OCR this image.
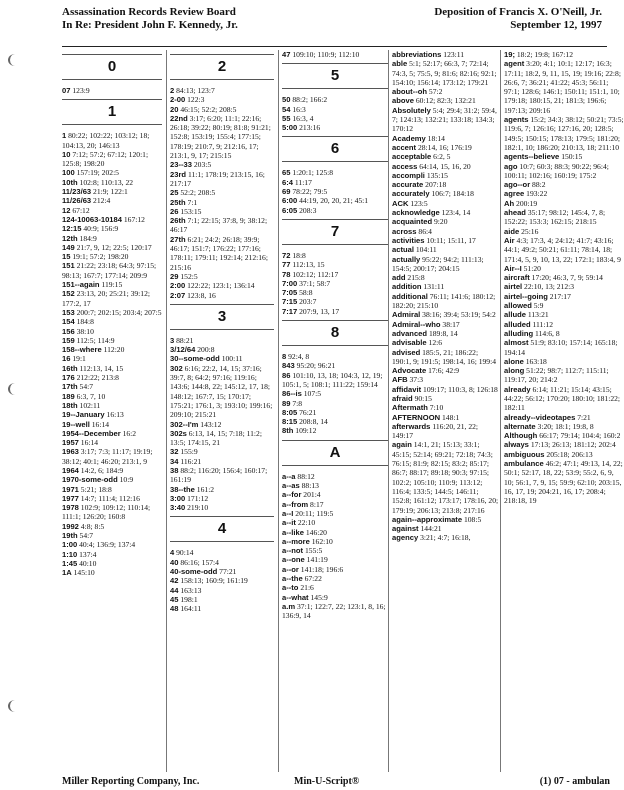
Assassination Records Review Board
In Re: President John F. Kennedy, Jr.
Deposition of Francis X. O'Neill, Jr.
September 12, 1997
0
07 123:9
1
1 80:22; 102:22; 103:12; 18; 104:13, 20; 146:13
10 7:12; 57:2; 67:12; 120:1; 125:8; 198:20
100 157:19; 202:5
10th 102:8; 110:13, 22
11/23/63 21:9; 122:1
11/26/63 212:4
12 67:12
124-10063-10184 167:12
12:15 40:9; 156:9
12th 184:9
149 21:7, 9, 12; 22:5; 120:17
15 19:1; 57:2; 198:20
151 21:22; 23:18; 64:3; 97:15; 98:13; 167:7; 177:14; 209:9
151--again 119:15
152 23:13, 20; 25:21; 39:12; 177:2, 17
153 200:7; 202:15; 203:4; 207:5
154 184:8
156 38:10
159 112:5; 114:9
158--where 112:20
16 19:1
16th 112:13, 14, 15
176 212:22; 213:8
17th 54:7
189 6:3, 7, 10
18th 102:11
19--January 16:13
19--well 16:14
1954--December 16:2
1957 16:14
1963 3:17; 7:3; 11:17; 19:19; 38:12; 40:1; 46:20; 213:1, 9
1964 14:2, 6; 184:9
1970-some-odd 10:9
1971 5:21; 18:8
1977 14:7; 111:4; 112:16
1978 102:9; 109:12; 110:14; 111:1; 126:20; 160:8
1992 4:8; 8:5
19th 54:7
1:00 40:4; 136:9; 137:4
1:10 137:4
1:45 40:10
1A 145:10
2
2 84:13; 123:7
2-00 122:3
20 46:15; 52:2; 208:5
22nd 3:17; 6:20; 11:1; 22:16; 26:18; 39:22; 80:19; 81:8; 91:21; 152:8; 153:19; 155:4; 177:15; 178:19; 210:7, 9; 212:16, 17; 213:1, 9, 17; 215:15
23--33 203:5
23rd 11:1; 178:19; 213:15, 16; 217:17
25 52:2; 208:5
25th 7:1
26 153:15
26th 7:1; 22:15; 37:8, 9; 38:12; 46:17
27th 6:21; 24:2; 26:18; 39:9; 46:17; 151:7; 176:22; 177:16; 178:11; 179:11; 192:14; 212:16; 215:16
29 152:5
2:00 122:22; 123:1; 136:14
2:07 123:8, 16
3
3 88:21
3/12/64 200:8
30--some-odd 100:11
302 6:16; 22:2, 14, 15; 37:16; 39:7, 8; 64:2; 97:16; 119:16; 143:6; 144:8, 22; 145:12, 17, 18; 148:12; 167:7, 15; 170:17; 175:21; 176:1, 3; 193:10; 199:16; 209:10; 215:21
302--I'm 143:12
302s 6:13, 14, 15; 7:18; 11:2; 13:5; 174:15, 21
32 155:9
34 116:21
38 88:2; 116:20; 156:4; 160:17; 161:19
38--the 161:2
3:00 171:12
3:40 219:10
4
4 90:14
40 86:16; 157:4
40-some-odd 77:21
42 158:13; 160:9; 161:19
44 163:13
45 198:1
48 164:11
47 109:10; 110:9; 112:10
5
50 88:2; 166:2
54 16:3
55 16:3, 4
5:00 213:16
6
65 1:20:1; 125:8
6:4 11:17
69 78:22; 79:5
6:00 44:19, 20, 20, 21; 45:1
6:05 208:3
7
72 18:8
77 112:13, 15
78 102:12; 112:17
7:00 37:1; 58:7
7:05 58:8
7:15 203:7
7:17 207:9, 13, 17
8
8 92:4, 8
843 95:20; 96:21
86 101:10, 13, 18; 104:3, 12, 19; 105:1, 5; 108:1; 111:22; 159:14
86--is 107:5
89 7:8
8:05 76:21
8:15 208:8, 14
8th 109:12
A
a--a 88:12
a--as 88:13
a--for 201:4
a--from 8:17
a--I 20:11; 119:5
a--it 22:10
a--like 146:20
a--more 162:10
a--not 155:5
a--one 141:19
a--or 141:18; 196:6
a--the 67:22
a--to 21:6
a--what 145:9
a.m 37:1; 122:7, 22; 123:1, 8, 16; 136:9, 14
abbreviations 123:11
able 5:1; 52:17; 66:3, 7; 72:14; 74:3, 5; 75:5, 9; 81:6; 82:16; 92:1; 154:10; 156:14; 173:12; 179:21
about--oh 57:2
above 60:12; 82:3; 132:21
Absolutely 5:4; 29:4; 31:2; 59:4, 7; 124:13; 132:21; 133:18; 134:3; 170:12
Academy 18:14
accent 28:14, 16; 176:19
acceptable 6:2, 5
access 64:14, 15, 16, 20
accompli 135:15
accurate 207:18
accurately 106:7; 184:18
ACK 123:5
acknowledge 123:4, 14
acquainted 9:20
across 86:4
activities 10:11; 15:11, 17
actual 104:11
actually 95:22; 94:2; 111:13; 154:5; 200:17; 204:15
add 215:8
addition 131:11
additional 76:11; 141:6; 180:12; 182:20; 215:10
Admiral 38:16; 39:4; 53:19; 54:2
Admiral--who 38:17
advanced 189:8, 14
advisable 12:6
advised 185:5, 21; 186:22; 190:1, 9; 191:5; 198:14, 16; 199:4
Advocate 17:6; 42:9
AFB 37:3
affidavit 109:17; 110:3, 8; 126:18
afraid 90:15
Aftermath 7:10
AFTERNOON 148:1
afterwards 116:20, 21, 22; 149:17
again 14:1, 21; 15:13; 33:1; 45:15; 52:14; 69:21; 72:18; 74:3; 76:15; 81:9; 82:15; 83:2; 85:17; 86:7; 88:17; 89:18; 90:3; 97:15; 102:2; 105:10; 110:9; 113:12; 116:4; 133:5; 144:5; 146:11; 152:8; 161:12; 173:17; 178:16, 20; 179:19; 206:13; 213:8; 217:16
again--approximate 108:5
against 144:21
agency 3:21; 4:7; 16:18,
19; 18:2; 19:8; 167:12
agent 3:20; 4:1; 10:1; 12:17; 16:3; 17:11; 18:2, 9, 11, 15, 19; 19:16; 22:8; 26:6, 7; 36:21; 41:22; 45:3; 56:11; 97:1; 128:6; 146:1; 150:11; 151:1, 10; 179:18; 180:15, 21; 181:3; 196:6; 197:13; 209:16
agents 15:2; 34:3; 38:12; 50:21; 73:5; 119:6, 7; 126:16; 127:16, 20; 128:5; 149:5; 150:15; 178:13; 179:5; 181:20; 182:1, 10; 186:20; 210:13, 18; 211:10
agents--believe 150:15
ago 10:7; 60:3; 88:3; 90:22; 96:4; 100:11; 102:16; 160:19; 175:2
ago--or 88:2
agree 193:22
Ah 200:19
ahead 35:17; 98:12; 145:4, 7, 8; 152:22; 153:3; 162:15; 218:15
aide 25:16
Air 4:3; 17:3, 4; 24:12; 41:7; 43:16; 44:1; 49:2; 50:21; 61:11; 78:14, 18; 171:4, 5, 9, 10, 13, 22; 172:1; 183:4, 9
Air--I 51:20
aircraft 17:20; 46:3, 7, 9; 59:14
airtel 22:10, 13; 212:3
airtel--going 217:17
allowed 5:9
allude 113:21
alluded 111:12
alluding 114:6, 8
almost 51:9; 83:10; 157:14; 165:18; 194:14
alone 163:18
along 51:22; 98:7; 112:7; 115:11; 119:17, 20; 214:2
already 6:14; 11:21; 15:14; 43:15; 44:22; 56:12; 170:20; 180:10; 181:22; 182:11
already--videotapes 7:21
alternate 3:20; 18:1; 19:8, 8
Although 66:17; 79:14; 104:4; 160:2
always 17:13; 26:13; 181:12; 202:4
ambiguous 205:18; 206:13
ambulance 46:2; 47:1; 49:13, 14, 22; 50:1; 52:17, 18, 22; 53:9; 55:2, 6, 9, 10; 56:1, 7, 9, 15; 59:9; 62:10; 203:15, 16, 17, 19; 204:21, 16, 17; 208:4; 218:18, 19
Miller Reporting Company, Inc.	Min-U-Script®	(1) 07 - ambulan
